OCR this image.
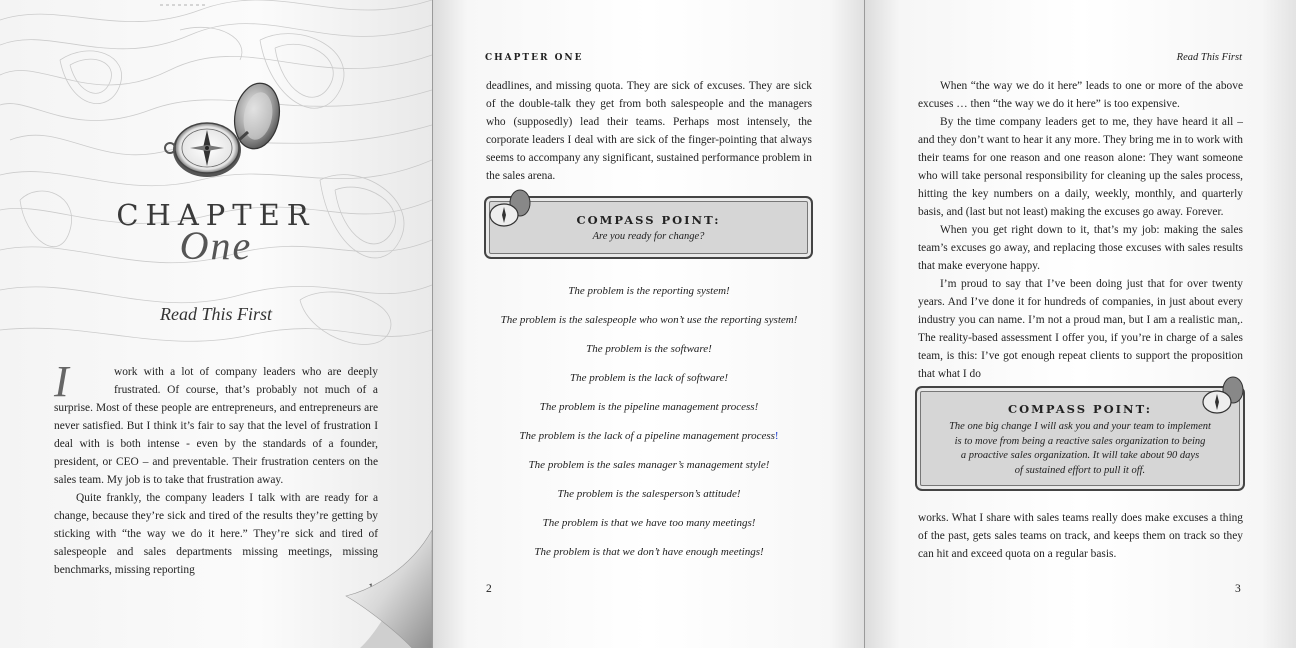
CHAPTER
One
Read This First

I	work with a lot of company leaders who are deeply frustrated. Of course, that’s probably not much of a surprise. Most of these people are entrepreneurs, and entrepreneurs are never satisfied. But I think it’s fair to say that the level of frustration I deal with is both intense - even by the standards of a founder, president, or CEO – and preventable. Their frustration centers on the sales team. My job is to take that frustration away.

Quite frankly, the company leaders I talk with are ready for a change, because they’re sick and tired of the results they’re getting by sticking with “the way we do it here.” They’re sick and tired of salespeople and sales departments missing meetings, missing benchmarks, missing reporting

CHAPTER ONE

deadlines, and missing quota. They are sick of excuses. They are sick of the double-talk they get from both salespeople and the managers who (supposedly) lead their teams. Perhaps most intensely, the corporate leaders I deal with are sick of the finger-pointing that always seems to accompany any significant, sustained performance problem in the sales arena.

COMPASS POINT:
Are you ready for change?
The problem is the reporting system!
The problem is the salespeople who won’t use the reporting system!
The problem is the software!
The problem is the lack of software!
The problem is the pipeline management process!
The problem is the lack of a pipeline management process!
The problem is the sales manager’s management style!
The problem is the salesperson’s attitude!
The problem is that we have too many meetings!
The problem is that we don’t have enough meetings!
2
Read This First

When “the way we do it here” leads to one or more of the above excuses … then “the way we do it here” is too expensive.

By the time company leaders get to me, they have heard it all – and they don’t want to hear it any more. They bring me in to work with their teams for one reason and one reason alone: They want someone who will take personal responsibility for cleaning up the sales process, hitting the key numbers on a daily, weekly, monthly, and quarterly basis, and (last but not least) making the excuses go away. Forever.

When you get right down to it, that’s my job: making the sales team’s excuses go away, and replacing those excuses with sales results that make everyone happy.

I’m proud to say that I’ve been doing just that for over twenty years. And I’ve done it for hundreds of companies, in just about every industry you can name. I’m not a proud man, but I am a realistic man,. The reality-based assessment I offer you, if you’re in charge of a sales team, is this: I’ve got enough repeat clients to support the proposition that what I do

COMPASS POINT:
The one big change I will ask you and your team to implement
is to move from being a reactive sales organization to being
a proactive sales organization. It will take about 90 days
of sustained effort to pull it off.

works. What I share with sales teams really does make excuses a thing of the past, gets sales teams on track, and keeps them on track so they can hit and exceed quota on a regular basis.

3
